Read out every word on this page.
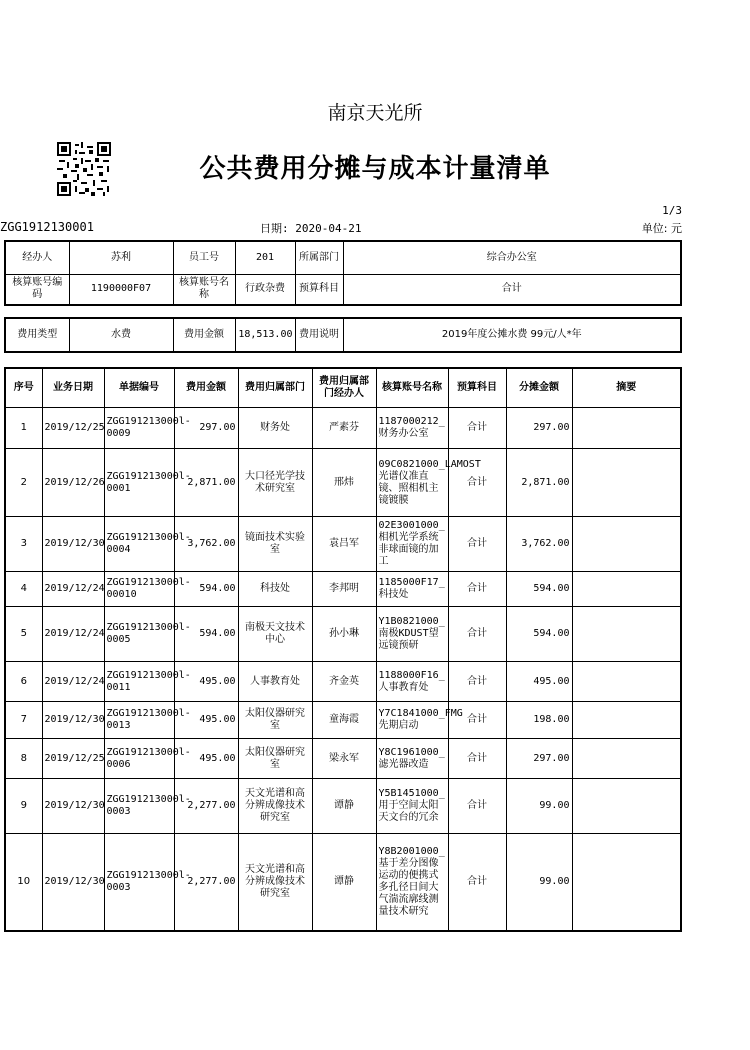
南京天光所
公共费用分摊与成本计量清单
1/3
ZGG1912130001	日期: 2020-04-21	单位: 元
经办人	苏利	员工号	201	所属部门	综合办公室
核算账号编码	1190000F07	核算账号名称	行政杂费	预算科目	合计
费用类型	水费	费用金额	18,513.00	费用说明	2019年度公摊水费 99元/人*年
序号	业务日期	单据编号	费用金额	费用归属部门	费用归属部门经办人	核算账号名称	预算科目	分摊金额	摘要
1	2019/12/25	ZGG191213000l-0009	297.00	财务处	严素芬	1187000212_财务办公室	合计	297.00	
2	2019/12/26	ZGG191213000l-0001	2,871.00	大口径光学技术研究室	邢炜	09C0821000_LAMOST光谱仪准直镜、照相机主镜镀膜	合计	2,871.00	
3	2019/12/30	ZGG191213000l-0004	3,762.00	镜面技术实验室	袁吕军	02E3001000_相机光学系统非球面镜的加工	合计	3,762.00	
4	2019/12/24	ZGG191213000l-00010	594.00	科技处	李邦明	1185000F17_科技处	合计	594.00	
5	2019/12/24	ZGG191213000l-0005	594.00	南极天文技术中心	孙小琳	Y1B0821000_南极KDUST望远镜预研	合计	594.00	
6	2019/12/24	ZGG191213000l-0011	495.00	人事教育处	齐金英	1188000F16_人事教育处	合计	495.00	
7	2019/12/30	ZGG191213000l-0013	495.00	太阳仪器研究室	童海霞	Y7C1841000_FMG先期启动	合计	198.00	
8	2019/12/25	ZGG191213000l-0006	495.00	太阳仪器研究室	梁永军	Y8C1961000_滤光器改造	合计	297.00	
9	2019/12/30	ZGG191213000l-0003	2,277.00	天文光谱和高分辨成像技术研究室	谭静	Y5B1451000_用于空间太阳天文台的冗余	合计	99.00	
10	2019/12/30	ZGG191213000l-0003	2,277.00	天文光谱和高分辨成像技术研究室	谭静	Y8B2001000_基于差分图像运动的便携式多孔径日间大气湍流廓线测量技术研究	合计	99.00	
